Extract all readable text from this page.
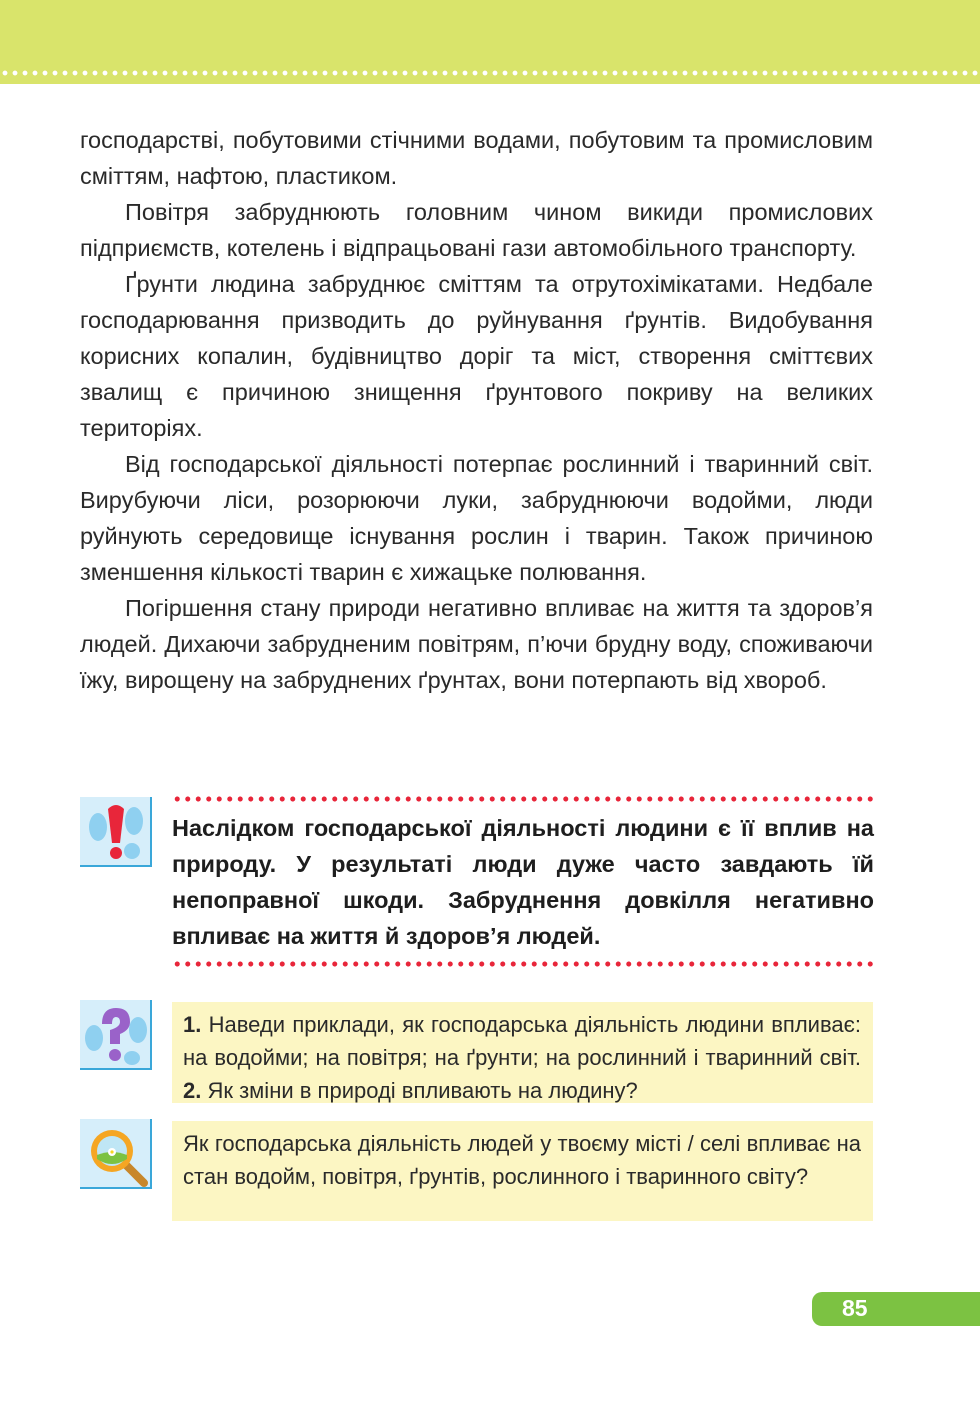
господарстві, побутовими стічними водами, побутовим та промисловим сміттям, нафтою, пластиком.

Повітря забруднюють головним чином викиди промислових підприємств, котелень і відпрацьовані гази автомобільного транспорту.

Ґрунти людина забруднює сміттям та отрутохімікатами. Недбале господарювання призводить до руйнування ґрунтів. Видобування корисних копалин, будівництво доріг та міст, створення сміттєвих звалищ є причиною знищення ґрунтового покриву на великих територіях.

Від господарської діяльності потерпає рослинний і тваринний світ. Вирубуючи ліси, розорюючи луки, забруднюючи водойми, люди руйнують середовище існування рослин і тварин. Також причиною зменшення кількості тварин є хижацьке полювання.

Погіршення стану природи негативно впливає на життя та здоров’я людей. Дихаючи забрудненим повітрям, п’ючи брудну воду, споживаючи їжу, вирощену на забруднених ґрунтах, вони потерпають від хвороб.

Наслідком господарської діяльності людини є її вплив на природу. У результаті люди дуже часто завдають їй непоправної шкоди. Забруднення довкілля негативно впливає на життя й здоров’я людей.

1. Наведи приклади, як господарська діяльність людини впливає: на водойми; на повітря; на ґрунти; на рослинний і тваринний світ. 2. Як зміни в природі впливають на людину?

Як господарська діяльність людей у твоєму місті / селі впливає на стан водойм, повітря, ґрунтів, рослинного і тваринного світу?

85
